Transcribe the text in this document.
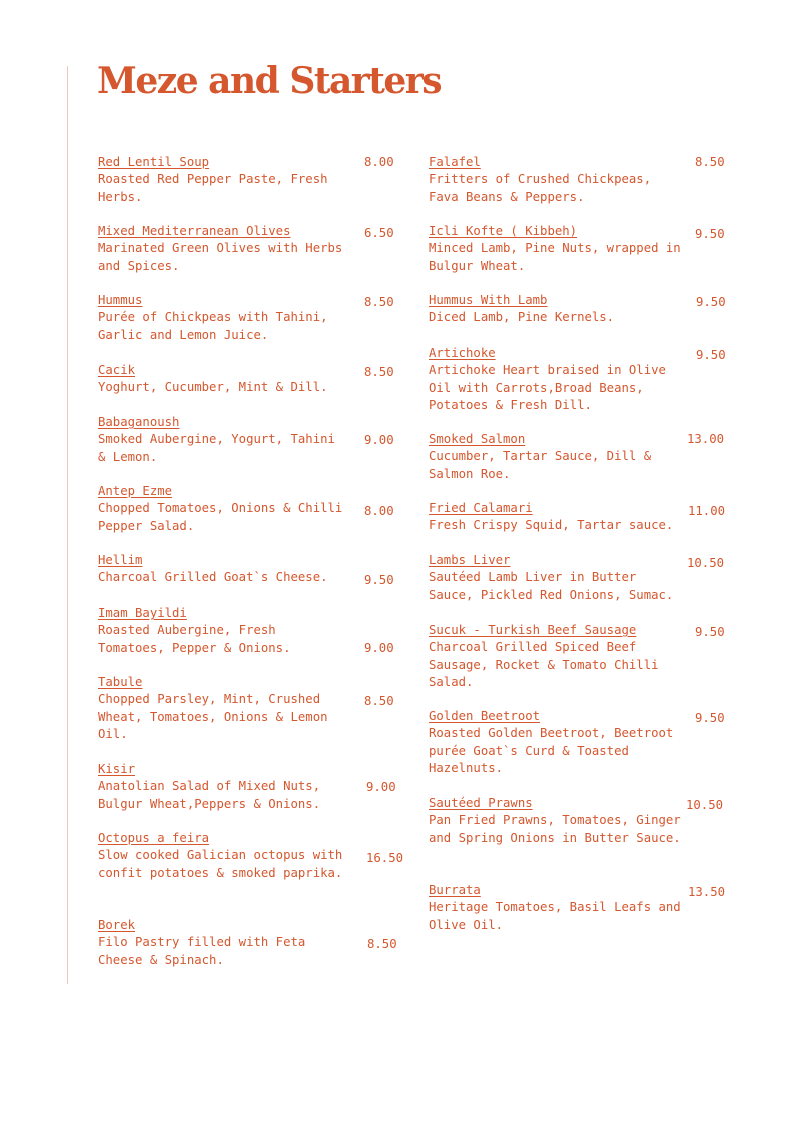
Meze and Starters
Red Lentil Soup
Roasted Red Pepper Paste, Fresh Herbs.
8.00
Mixed Mediterranean Olives
Marinated Green Olives with Herbs and Spices.
6.50
Hummus
Purée of Chickpeas with Tahini, Garlic and Lemon Juice.
8.50
Cacik
Yoghurt, Cucumber, Mint & Dill.
8.50
Babaganoush
Smoked Aubergine, Yogurt, Tahini & Lemon.
9.00
Antep Ezme
Chopped Tomatoes, Onions & Chilli Pepper Salad.
8.00
Hellim
Charcoal Grilled Goat`s Cheese.	9.50
Imam Bayildi
Roasted Aubergine, Fresh Tomatoes, Pepper & Onions.	9.00
Tabule
Chopped Parsley, Mint, Crushed Wheat, Tomatoes, Onions & Lemon Oil.
8.50
Kisir
Anatolian Salad of Mixed Nuts, Bulgur Wheat,Peppers & Onions.
9.00
Octopus a feira
Slow cooked Galician octopus with confit potatoes & smoked paprika.
16.50
Borek
Filo Pastry filled with Feta Cheese & Spinach.
8.50
Falafel
Fritters of Crushed Chickpeas, Fava Beans & Peppers.
8.50
Icli Kofte ( Kibbeh)
Minced Lamb, Pine Nuts, wrapped in Bulgur Wheat.
9.50
Hummus With Lamb
Diced Lamb, Pine Kernels.
9.50
Artichoke
Artichoke Heart braised in Olive Oil with Carrots,Broad Beans, Potatoes & Fresh Dill.
9.50
Smoked Salmon
Cucumber, Tartar Sauce, Dill & Salmon Roe.
13.00
Fried Calamari
Fresh Crispy Squid, Tartar sauce.
11.00
Lambs Liver
Sautéed Lamb Liver in Butter Sauce, Pickled Red Onions, Sumac.
10.50
Sucuk - Turkish Beef Sausage
Charcoal Grilled Spiced Beef Sausage, Rocket & Tomato Chilli Salad.
9.50
Golden Beetroot
Roasted Golden Beetroot, Beetroot purée Goat`s Curd & Toasted Hazelnuts.
9.50
Sautéed Prawns
Pan Fried Prawns, Tomatoes, Ginger and Spring Onions in Butter Sauce.
10.50
Burrata
Heritage Tomatoes, Basil Leafs and Olive Oil.
13.50
